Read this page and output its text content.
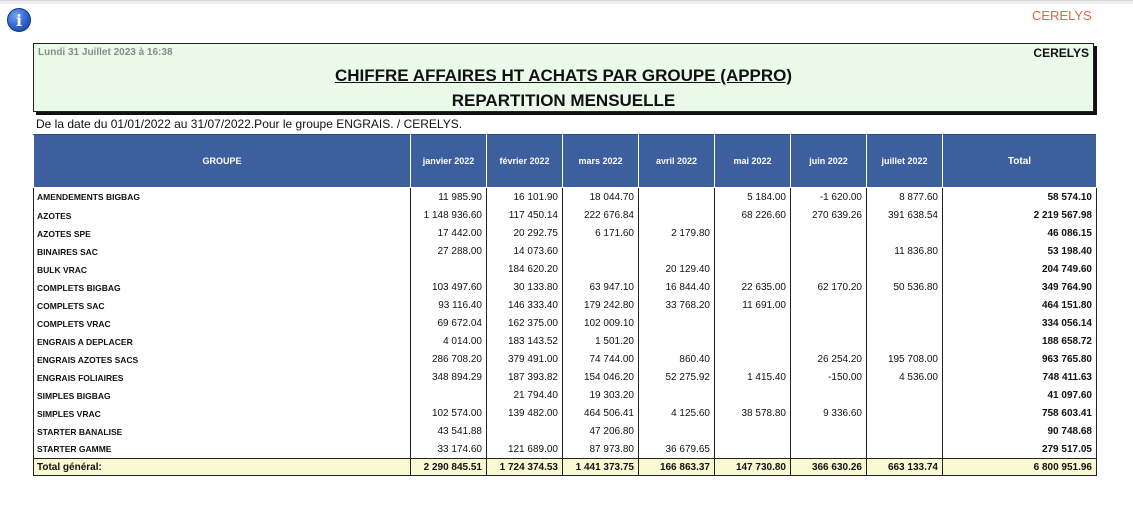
i	CERELYS
Lundi 31 Juillet 2023 à 16:38	CERELYS
CHIFFRE AFFAIRES HT ACHATS PAR GROUPE (APPRO)
REPARTITION MENSUELLE
De la date du 01/01/2022 au 31/07/2022.Pour le groupe ENGRAIS. / CERELYS.
GROUPE	janvier 2022	février 2022	mars 2022	avril 2022	mai 2022	juin 2022	juillet 2022	Total
AMENDEMENTS BIGBAG	11 985.90	16 101.90	18 044.70		5 184.00	-1 620.00	8 877.60	58 574.10
AZOTES	1 148 936.60	117 450.14	222 676.84		68 226.60	270 639.26	391 638.54	2 219 567.98
AZOTES SPE	17 442.00	20 292.75	6 171.60	2 179.80				46 086.15
BINAIRES SAC	27 288.00	14 073.60					11 836.80	53 198.40
BULK VRAC		184 620.20		20 129.40				204 749.60
COMPLETS BIGBAG	103 497.60	30 133.80	63 947.10	16 844.40	22 635.00	62 170.20	50 536.80	349 764.90
COMPLETS SAC	93 116.40	146 333.40	179 242.80	33 768.20	11 691.00			464 151.80
COMPLETS VRAC	69 672.04	162 375.00	102 009.10					334 056.14
ENGRAIS A DEPLACER	4 014.00	183 143.52	1 501.20					188 658.72
ENGRAIS AZOTES SACS	286 708.20	379 491.00	74 744.00	860.40		26 254.20	195 708.00	963 765.80
ENGRAIS FOLIAIRES	348 894.29	187 393.82	154 046.20	52 275.92	1 415.40	-150.00	4 536.00	748 411.63
SIMPLES BIGBAG		21 794.40	19 303.20					41 097.60
SIMPLES VRAC	102 574.00	139 482.00	464 506.41	4 125.60	38 578.80	9 336.60		758 603.41
STARTER BANALISE	43 541.88		47 206.80					90 748.68
STARTER GAMME	33 174.60	121 689.00	87 973.80	36 679.65				279 517.05
Total général:	2 290 845.51	1 724 374.53	1 441 373.75	166 863.37	147 730.80	366 630.26	663 133.74	6 800 951.96
